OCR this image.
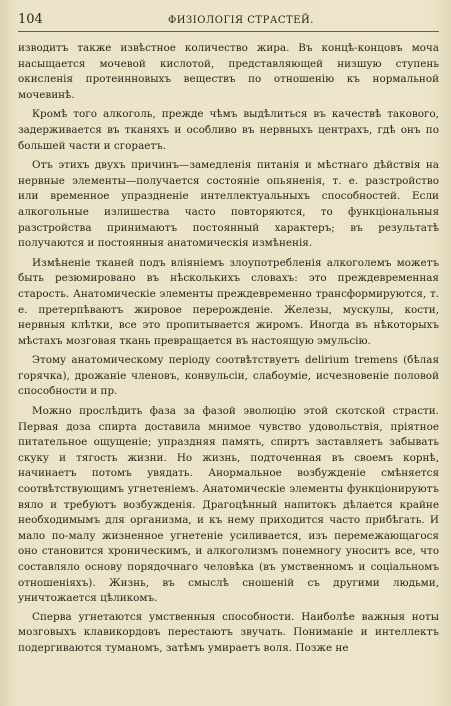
104	ФИЗІОЛОГІЯ СТРАСТЕЙ.

изводитъ также извѣстное количество жира. Въ концѣ-концовъ моча насыщается мочевой кислотой, представляющей низшую ступень окисленія протеинновыхъ веществъ по отношенію къ нормальной мочевинѣ.

Кромѣ того алкоголь, прежде чѣмъ выдѣлиться въ качествѣ такового, задерживается въ тканяхъ и особливо въ нервныхъ центрахъ, гдѣ онъ по большей части и сгораетъ.

Отъ этихъ двухъ причинъ—замедленія питанія и мѣстнаго дѣйствія на нервные элементы—получается состояніе опьяненія, т. е. разстройство или временное упраздненіе интеллектуальныхъ способностей. Если алкогольные излишества часто повторяются, то функціональныя разстройства принимаютъ постоянный характеръ; въ результатѣ получаются и постоянныя анатомическія измѣненія.

Измѣненіе тканей подъ вліяніемъ злоупотребленія алкоголемъ можетъ быть резюмировано въ нѣсколькихъ словахъ: это преждевременная старость. Анатомическіе элементы преждевременно трансформируются, т. е. претерпѣваютъ жировое перерожденіе. Железы, мускулы, кости, нервныя клѣтки, все это пропитывается жиромъ. Иногда въ нѣкоторыхъ мѣстахъ мозговая ткань превращается въ настоящую эмульсію.

Этому анатомическому періоду соотвѣтствуетъ delirium tremens (бѣлая горячка), дрожаніе членовъ, конвульсіи, слабоуміе, исчезновеніе половой способности и пр.

Можно прослѣдить фаза за фазой эволюцію этой скотской страсти. Первая доза спирта доставила мнимое чувство удовольствія, пріятное питательное ощущеніе; упраздняя память, спиртъ заставляетъ забывать скуку и тягость жизни. Но жизнь, подточенная въ своемъ корнѣ, начинаетъ потомъ увядать. Анормальное возбужденіе смѣняется соотвѣтствующимъ угнетеніемъ. Анатомическіе элементы функціонируютъ вяло и требуютъ возбужденія. Драгоцѣнный напитокъ дѣлается крайне необходимымъ для организма, и къ нему приходится часто прибѣгать. И мало по-малу жизненное угнетеніе усиливается, изъ перемежающагося оно становится хроническимъ, и алкоголизмъ понемногу уноситъ все, что составляло основу порядочнаго человѣка (въ умственномъ и соціальномъ отношеніяхъ). Жизнь, въ смыслѣ сношеній съ другими людьми, уничтожается цѣликомъ.

Сперва угнетаются умственныя способности. Наиболѣе важныя ноты мозговыхъ клавикордовъ перестаютъ звучать. Пониманіе и интеллектъ подергиваются туманомъ, затѣмъ умираетъ воля. Позже не
